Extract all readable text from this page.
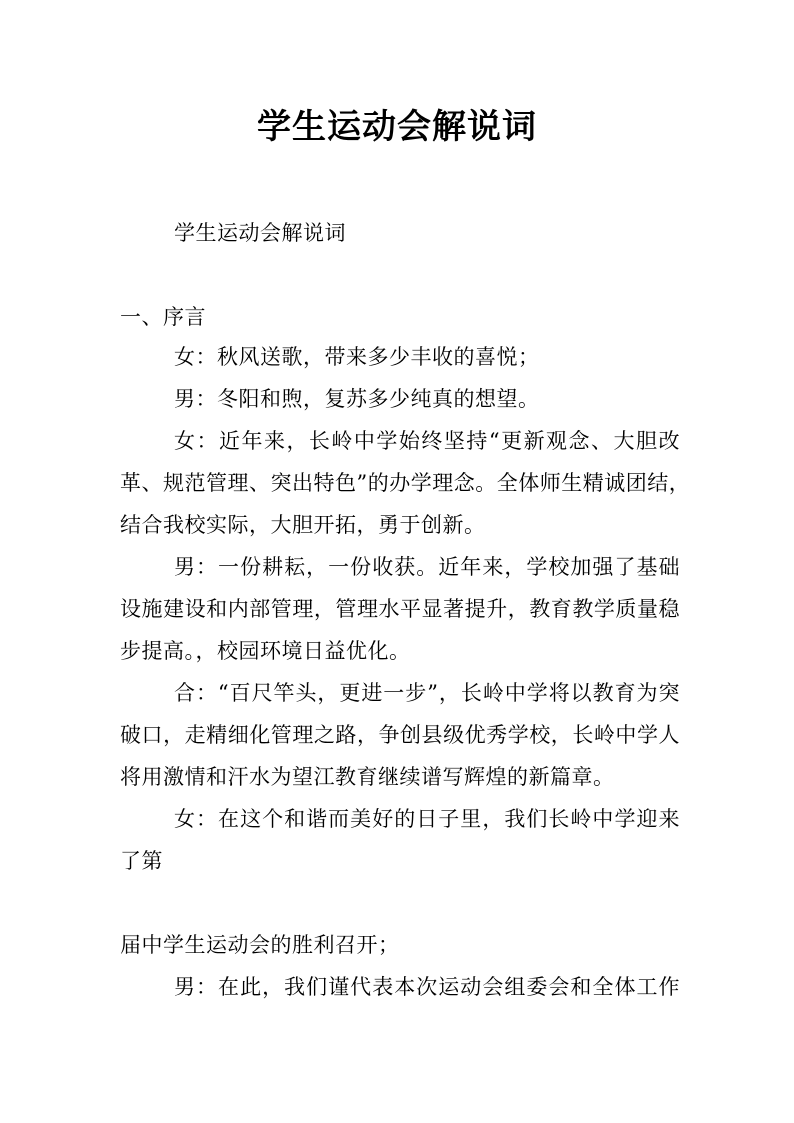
学生运动会解说词
学生运动会解说词
一、序言
女：秋风送歌，带来多少丰收的喜悦；
男：冬阳和煦，复苏多少纯真的想望。
女：近年来，长岭中学始终坚持“更新观念、大胆改
革、规范管理、突出特色”的办学理念。全体师生精诚团结，
结合我校实际，大胆开拓，勇于创新。
男：一份耕耘，一份收获。近年来，学校加强了基础
设施建设和内部管理，管理水平显著提升，教育教学质量稳
步提高。，校园环境日益优化。
合：“百尺竿头，更进一步”，长岭中学将以教育为突
破口，走精细化管理之路，争创县级优秀学校，长岭中学人
将用激情和汗水为望江教育继续谱写辉煌的新篇章。
女：在这个和谐而美好的日子里，我们长岭中学迎来
了第
届中学生运动会的胜利召开；
男：在此，我们谨代表本次运动会组委会和全体工作
